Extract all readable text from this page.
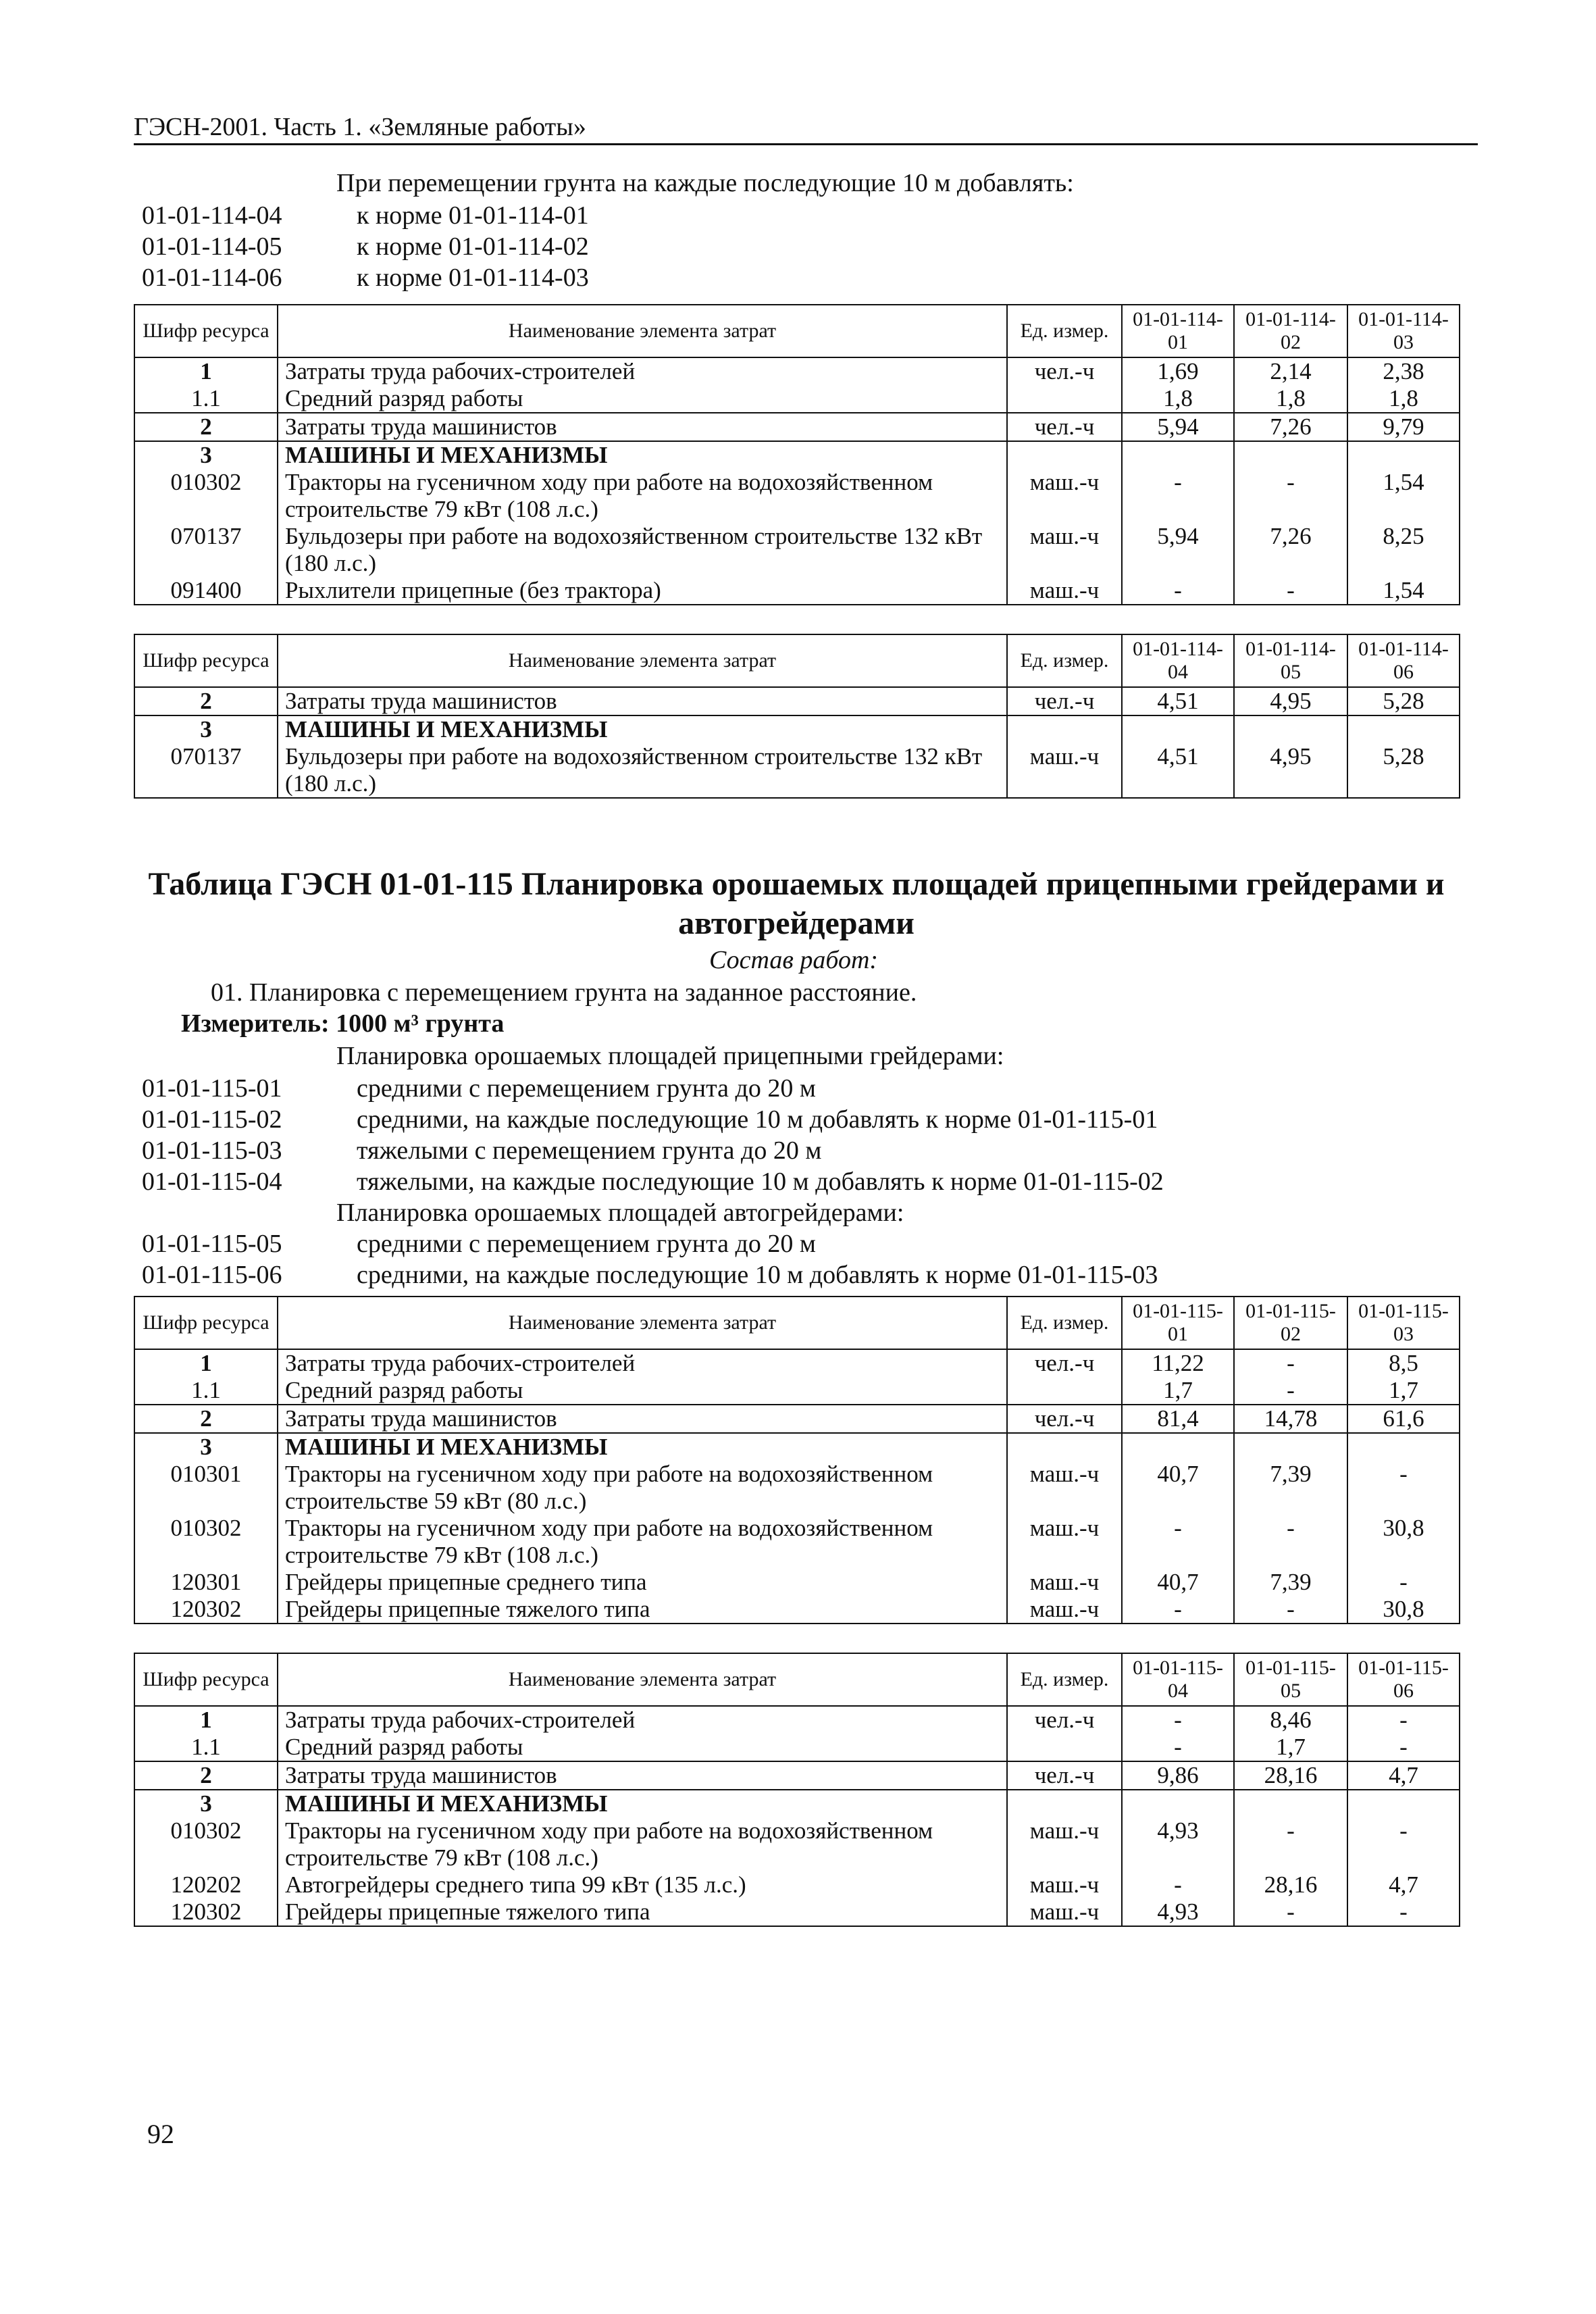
ГЭСН-2001. Часть 1. «Земляные работы»
При перемещении грунта на каждые последующие 10 м добавлять:
01-01-114-04	к норме 01-01-114-01
01-01-114-05	к норме 01-01-114-02
01-01-114-06	к норме 01-01-114-03
Шифр ресурса	Наименование элемента затрат	Ед. измер.	01-01-114-01	01-01-114-02	01-01-114-03
1	Затраты труда рабочих-строителей	чел.-ч	1,69	2,14	2,38
1.1	Средний разряд работы		1,8	1,8	1,8
2	Затраты труда машинистов	чел.-ч	5,94	7,26	9,79
3	МАШИНЫ И МЕХАНИЗМЫ				
010302	Тракторы на гусеничном ходу при работе на водохозяйственном строительстве 79 кВт (108 л.с.)	маш.-ч	-	-	1,54
070137	Бульдозеры при работе на водохозяйственном строительстве 132 кВт (180 л.с.)	маш.-ч	5,94	7,26	8,25
091400	Рыхлители прицепные (без трактора)	маш.-ч	-	-	1,54
Шифр ресурса	Наименование элемента затрат	Ед. измер.	01-01-114-04	01-01-114-05	01-01-114-06
2	Затраты труда машинистов	чел.-ч	4,51	4,95	5,28
3	МАШИНЫ И МЕХАНИЗМЫ				
070137	Бульдозеры при работе на водохозяйственном строительстве 132 кВт (180 л.с.)	маш.-ч	4,51	4,95	5,28
Таблица ГЭСН 01-01-115 Планировка орошаемых площадей прицепными грейдерами и автогрейдерами
Состав работ:
01. Планировка с перемещением грунта на заданное расстояние.
Измеритель: 1000 м³ грунта
Планировка орошаемых площадей прицепными грейдерами:
01-01-115-01	средними с перемещением грунта до 20 м
01-01-115-02	средними, на каждые последующие 10 м добавлять к норме 01-01-115-01
01-01-115-03	тяжелыми с перемещением грунта до 20 м
01-01-115-04	тяжелыми, на каждые последующие 10 м добавлять к норме 01-01-115-02
Планировка орошаемых площадей автогрейдерами:
01-01-115-05	средними с перемещением грунта до 20 м
01-01-115-06	средними, на каждые последующие 10 м добавлять к норме 01-01-115-03
Шифр ресурса	Наименование элемента затрат	Ед. измер.	01-01-115-01	01-01-115-02	01-01-115-03
1	Затраты труда рабочих-строителей	чел.-ч	11,22	-	8,5
1.1	Средний разряд работы		1,7	-	1,7
2	Затраты труда машинистов	чел.-ч	81,4	14,78	61,6
3	МАШИНЫ И МЕХАНИЗМЫ				
010301	Тракторы на гусеничном ходу при работе на водохозяйственном строительстве 59 кВт (80 л.с.)	маш.-ч	40,7	7,39	-
010302	Тракторы на гусеничном ходу при работе на водохозяйственном строительстве 79 кВт (108 л.с.)	маш.-ч	-	-	30,8
120301	Грейдеры прицепные среднего типа	маш.-ч	40,7	7,39	-
120302	Грейдеры прицепные тяжелого типа	маш.-ч	-	-	30,8
Шифр ресурса	Наименование элемента затрат	Ед. измер.	01-01-115-04	01-01-115-05	01-01-115-06
1	Затраты труда рабочих-строителей	чел.-ч	-	8,46	-
1.1	Средний разряд работы		-	1,7	-
2	Затраты труда машинистов	чел.-ч	9,86	28,16	4,7
3	МАШИНЫ И МЕХАНИЗМЫ				
010302	Тракторы на гусеничном ходу при работе на водохозяйственном строительстве 79 кВт (108 л.с.)	маш.-ч	4,93	-	-
120202	Автогрейдеры среднего типа 99 кВт (135 л.с.)	маш.-ч	-	28,16	4,7
120302	Грейдеры прицепные тяжелого типа	маш.-ч	4,93	-	-
92
